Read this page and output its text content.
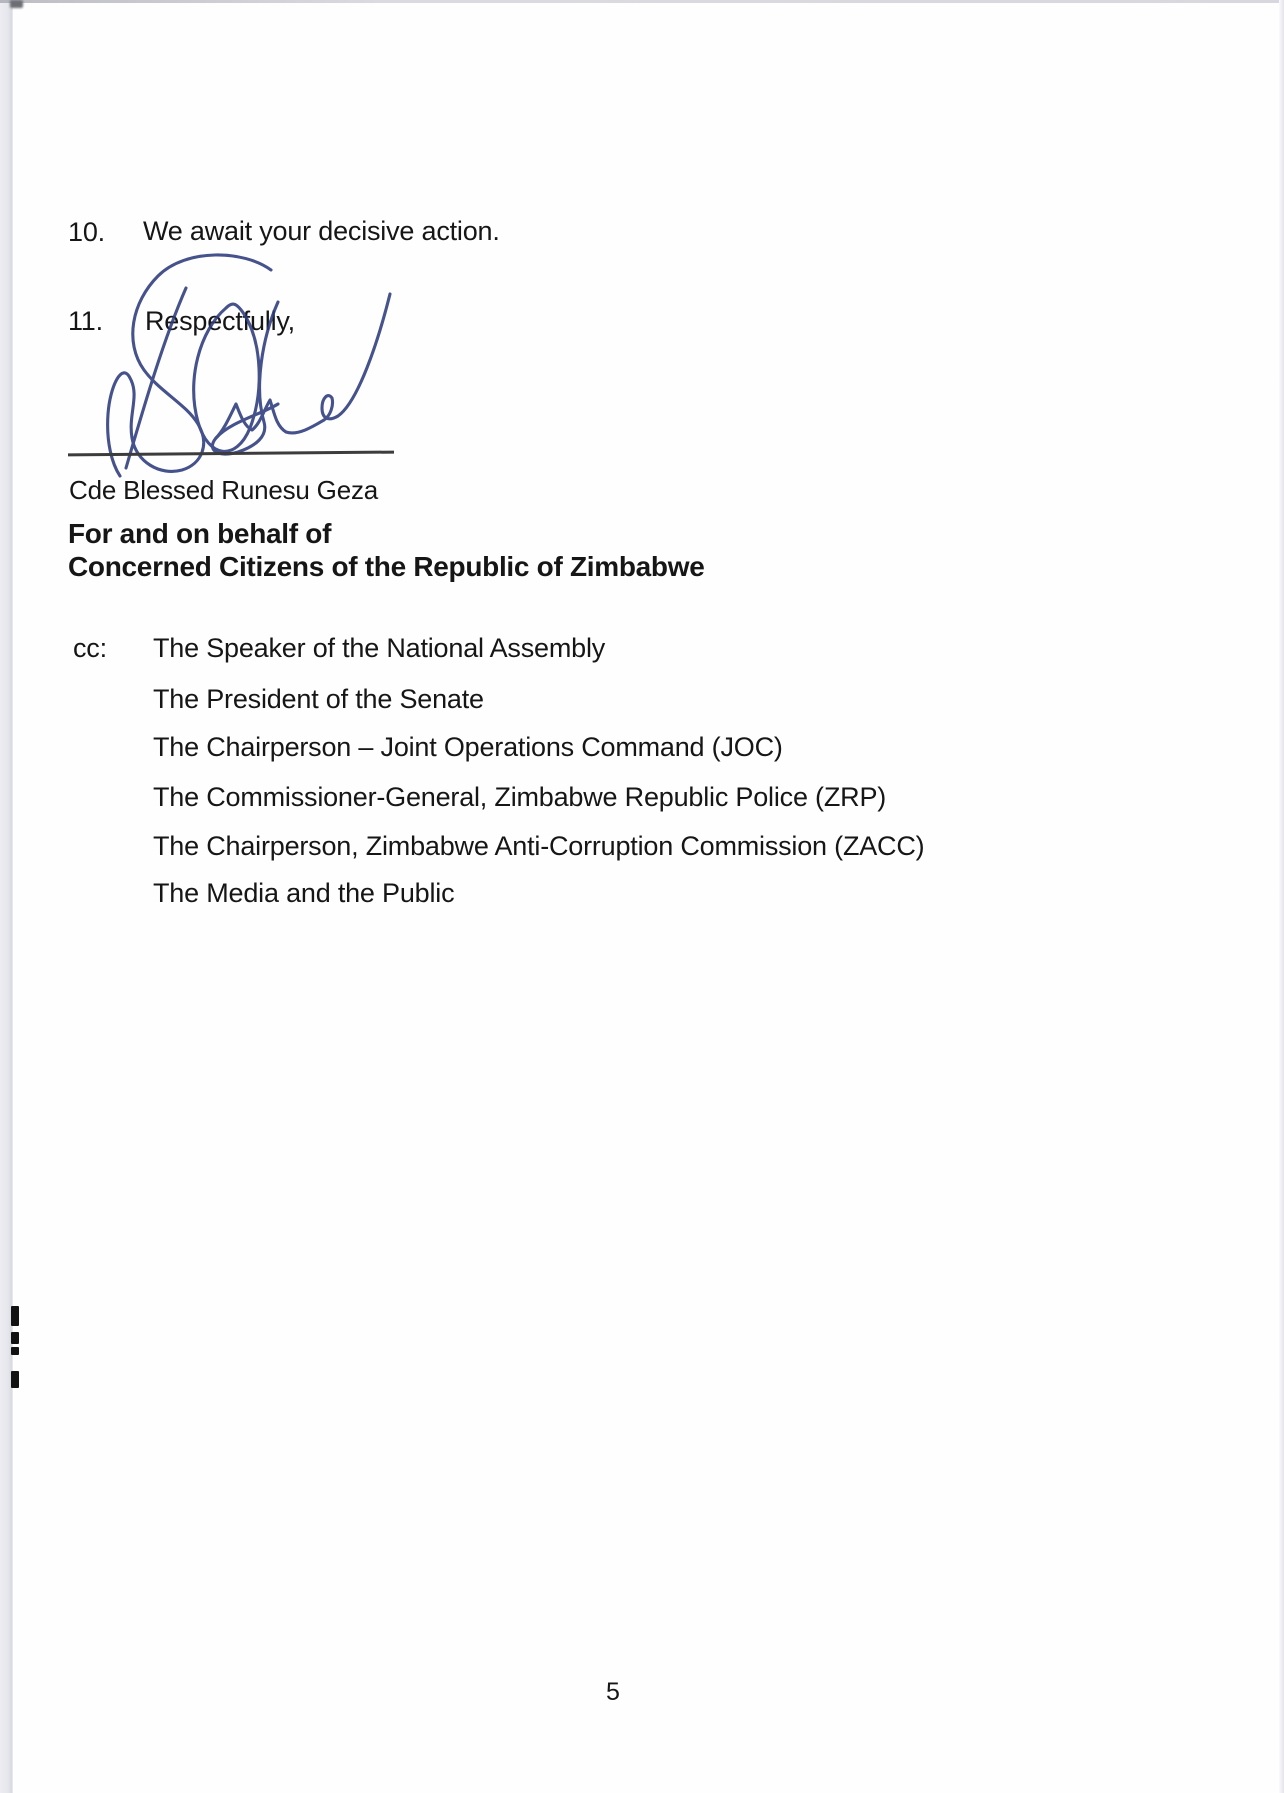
10. We await your decisive action.
11. Respectfully,
Cde Blessed Runesu Geza
For and on behalf of
Concerned Citizens of the Republic of Zimbabwe
cc: The Speaker of the National Assembly
The President of the Senate
The Chairperson – Joint Operations Command (JOC)
The Commissioner-General, Zimbabwe Republic Police (ZRP)
The Chairperson, Zimbabwe Anti-Corruption Commission (ZACC)
The Media and the Public
5
